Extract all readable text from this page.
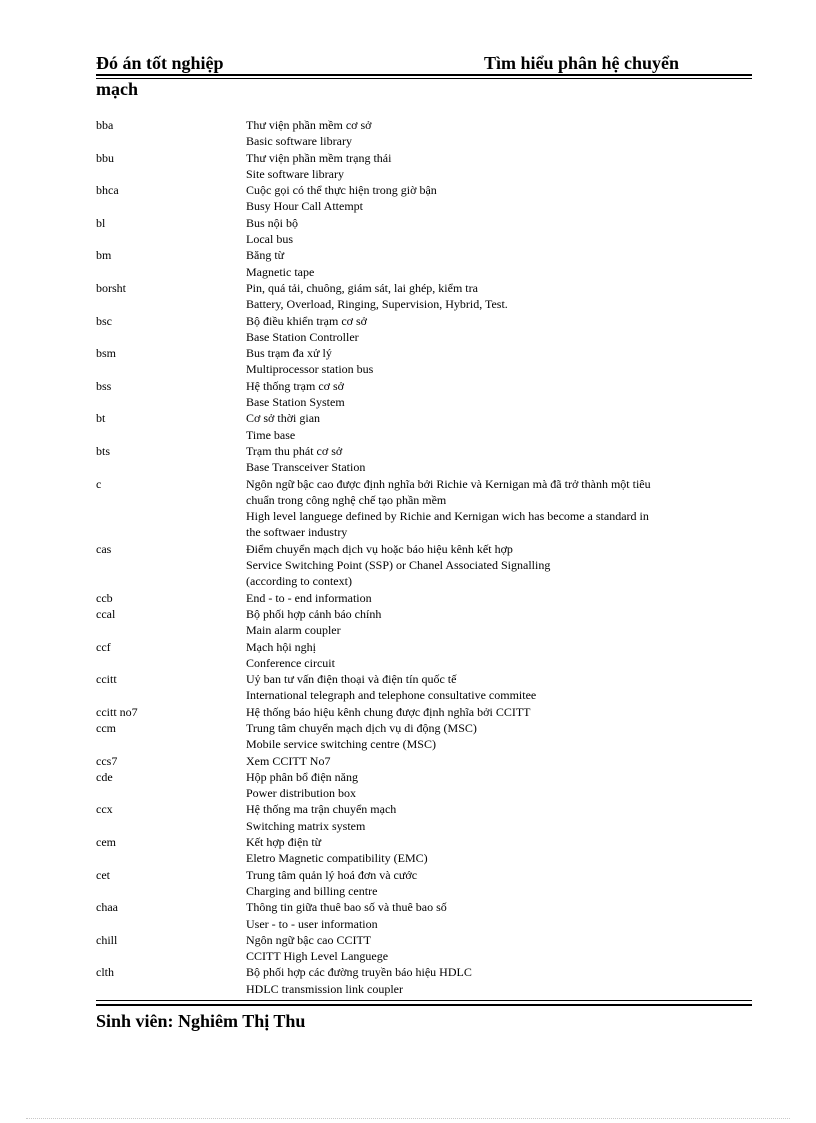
Đó án tốt nghiệp	Tìm hiểu phân hệ chuyển
mạch
bba	Thư viện phần mềm cơ sở
Basic software library
bbu	Thư viện phần mềm trạng thái
Site software library
bhca	Cuộc gọi có thể thực hiện trong giờ bận
Busy Hour Call Attempt
bl	Bus nội bộ
Local bus
bm	Băng từ
Magnetic tape
borsht	Pin, quá tải, chuông, giám sát, lai ghép, kiểm tra
Battery, Overload, Ringing, Supervision, Hybrid, Test.
bsc	Bộ điều khiển trạm cơ sở
Base Station Controller
bsm	Bus trạm đa xử lý
Multiprocessor station bus
bss	Hệ thống trạm cơ sở
Base Station System
bt	Cơ sở thời gian
Time base
bts	Trạm thu phát cơ sở
Base Transceiver Station
c	Ngôn ngữ bậc cao được định nghĩa bởi Richie và Kernigan mà đã trở thành một tiêu
chuẩn trong công nghệ chế tạo phần mềm
High level languege defined by Richie and Kernigan wich has become a standard in
the softwaer industry
cas	Điểm chuyển mạch dịch vụ hoặc báo hiệu kênh kết hợp
Service Switching Point (SSP) or Chanel Associated Signalling
(according to context)
ccb	End - to - end information
ccal	Bộ phối hợp cảnh báo chính
Main alarm coupler
ccf	Mạch hội nghị
Conference circuit
ccitt	Uỷ ban tư vấn điện thoại và điện tín quốc tế
International telegraph and telephone consultative commitee
ccitt no7	Hệ thống báo hiệu kênh chung được định nghĩa bởi CCITT
ccm	Trung tâm chuyển mạch dịch vụ di động (MSC)
Mobile service switching centre (MSC)
ccs7	Xem CCITT No7
cde	Hộp phân bổ điện năng
Power distribution box
ccx	Hệ thống ma trận chuyển mạch
Switching matrix system
cem	Kết hợp điện từ
Eletro Magnetic compatibility (EMC)
cet	Trung tâm quản lý hoá đơn và cước
Charging and billing centre
chaa	Thông tin giữa thuê bao số và thuê bao số
User - to - user information
chill	Ngôn ngữ bậc cao CCITT
CCITT High Level Languege
clth	Bộ phối hợp các đường truyền báo hiệu HDLC
HDLC transmission link coupler
Sinh viên: Nghiêm Thị Thu
